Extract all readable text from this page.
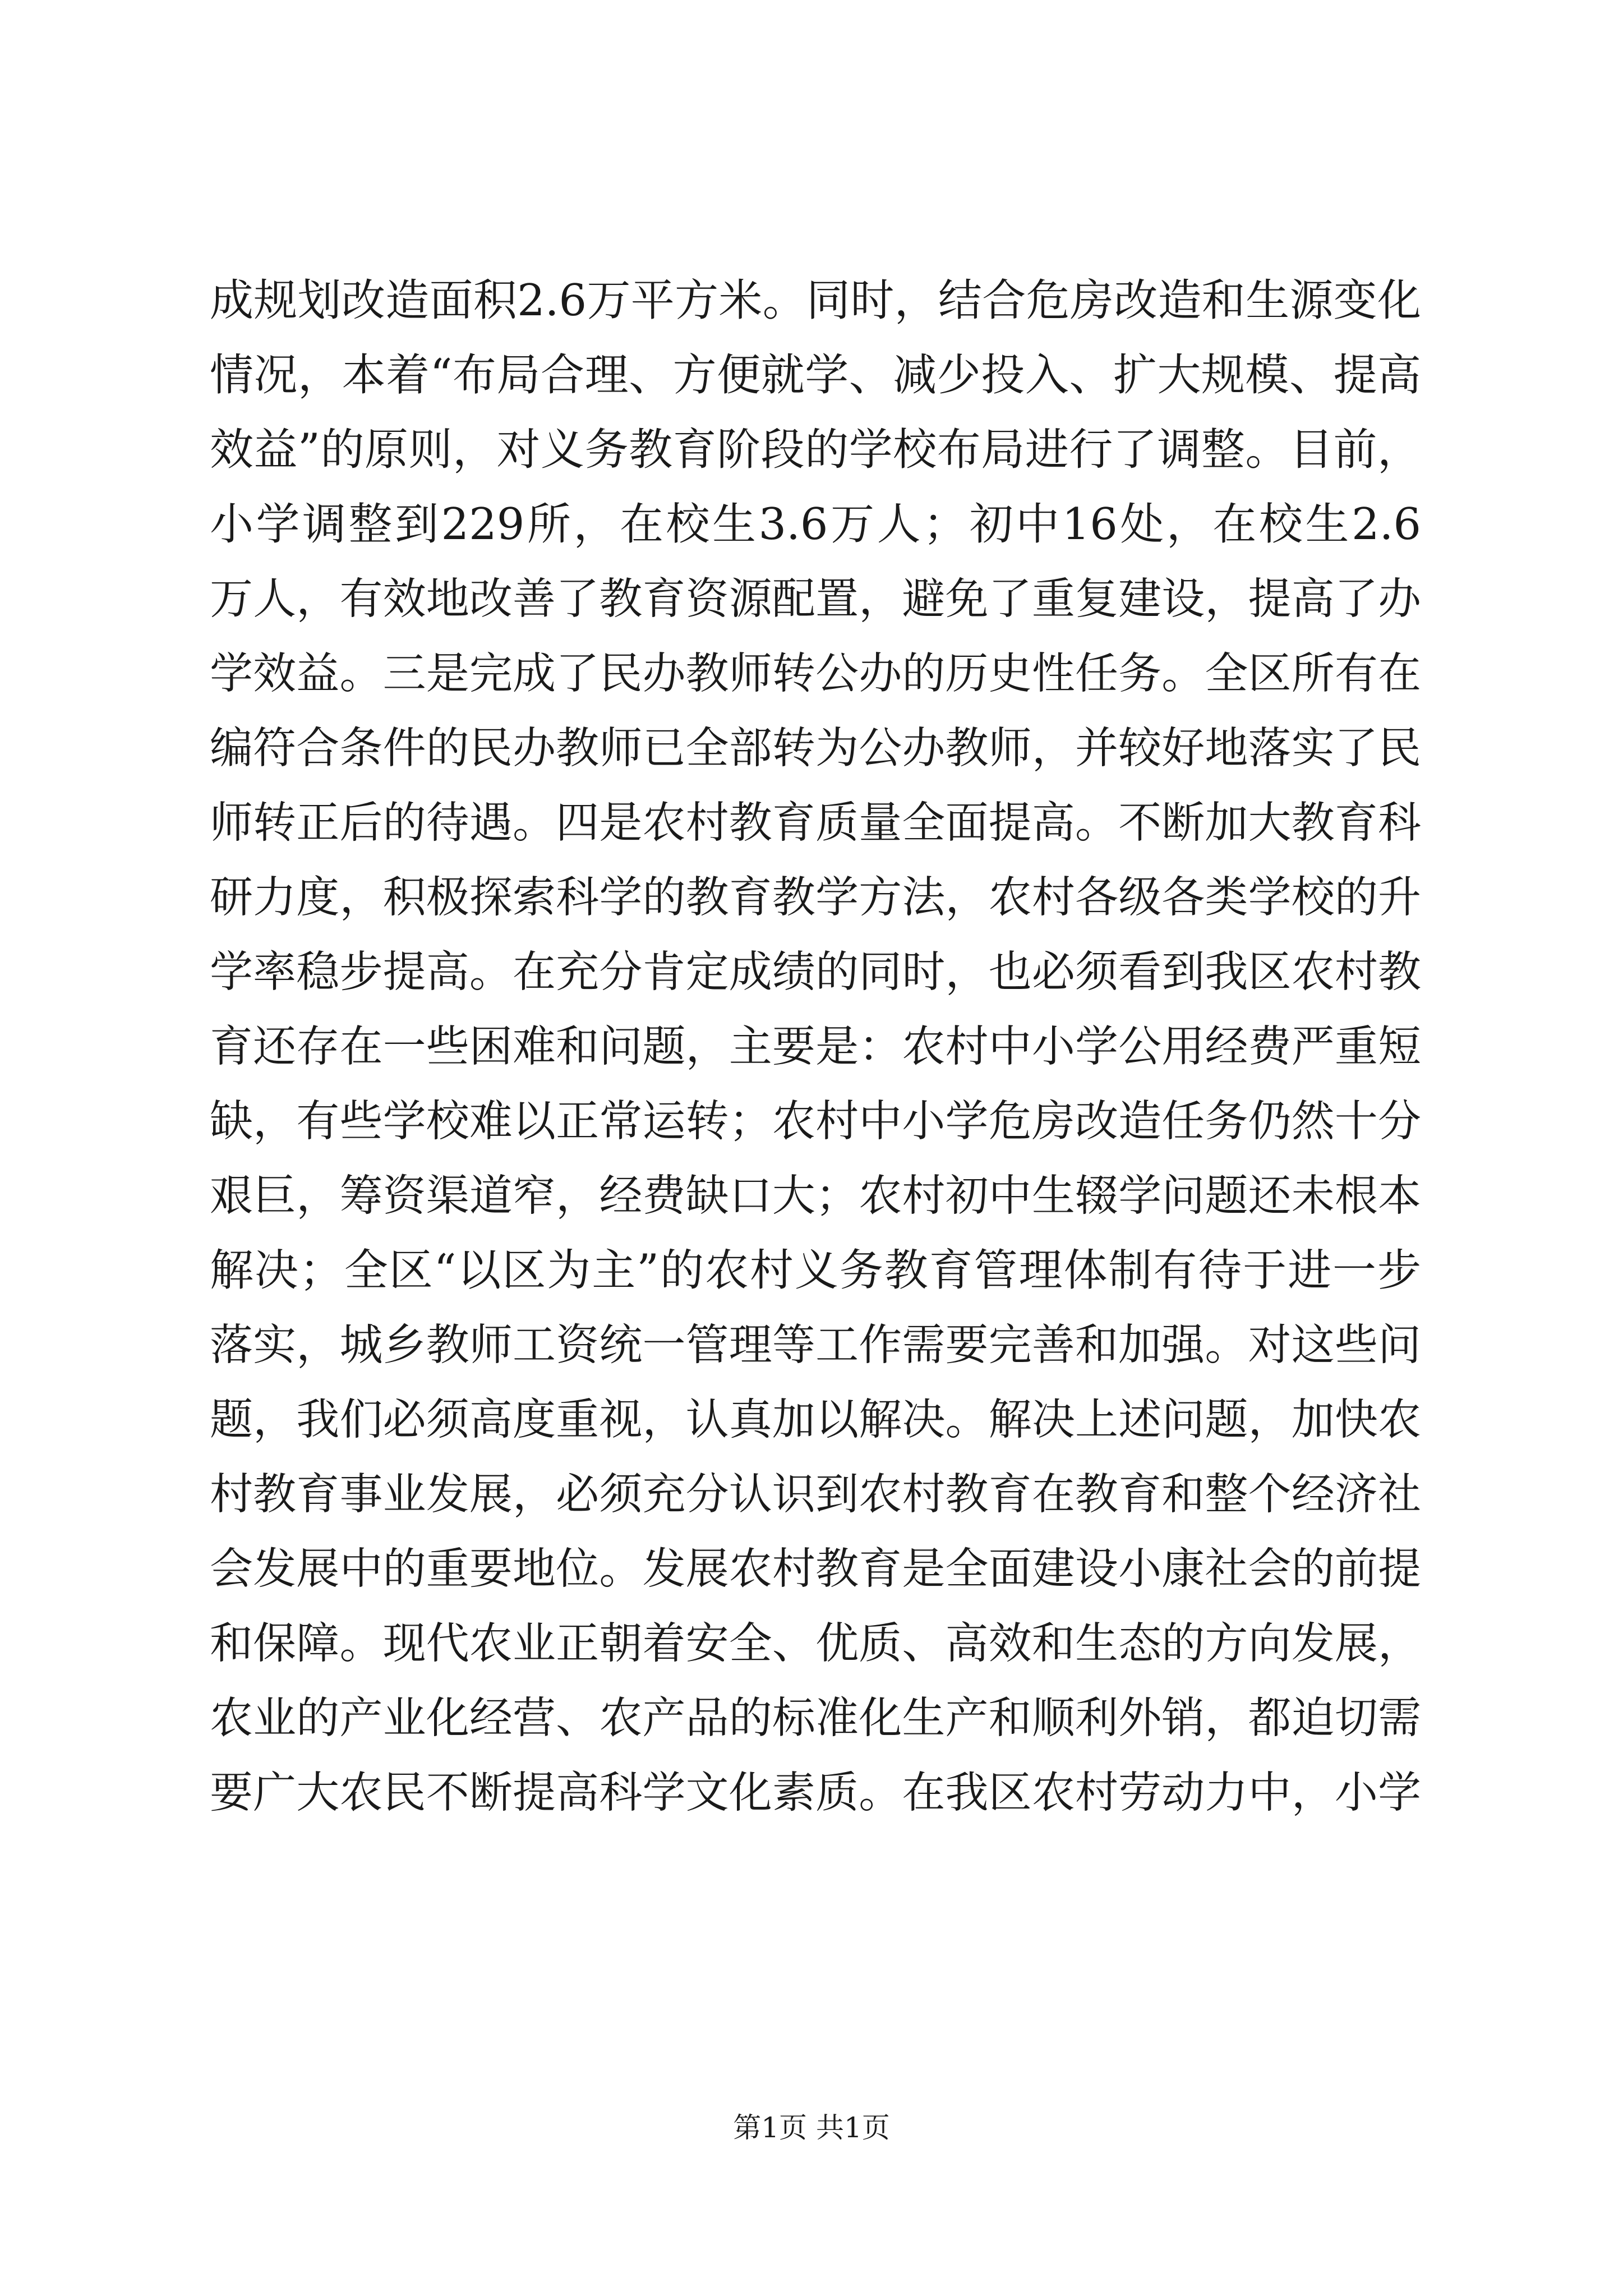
成规划改造面积2.6万平方米。同时，结合危房改造和生源变化
情况，本着“布局合理、方便就学、减少投入、扩大规模、提高
效益”的原则，对义务教育阶段的学校布局进行了调整。目前，
小学调整到229所，在校生3.6万人；初中16处，在校生2.6
万人，有效地改善了教育资源配置，避免了重复建设，提高了办
学效益。三是完成了民办教师转公办的历史性任务。全区所有在
编符合条件的民办教师已全部转为公办教师，并较好地落实了民
师转正后的待遇。四是农村教育质量全面提高。不断加大教育科
研力度，积极探索科学的教育教学方法，农村各级各类学校的升
学率稳步提高。在充分肯定成绩的同时，也必须看到我区农村教
育还存在一些困难和问题，主要是：农村中小学公用经费严重短
缺，有些学校难以正常运转；农村中小学危房改造任务仍然十分
艰巨，筹资渠道窄，经费缺口大；农村初中生辍学问题还未根本
解决；全区“以区为主”的农村义务教育管理体制有待于进一步
落实，城乡教师工资统一管理等工作需要完善和加强。对这些问
题，我们必须高度重视，认真加以解决。解决上述问题，加快农
村教育事业发展，必须充分认识到农村教育在教育和整个经济社
会发展中的重要地位。发展农村教育是全面建设小康社会的前提
和保障。现代农业正朝着安全、优质、高效和生态的方向发展，
农业的产业化经营、农产品的标准化生产和顺利外销，都迫切需
要广大农民不断提高科学文化素质。在我区农村劳动力中，小学
第1页 共1页
